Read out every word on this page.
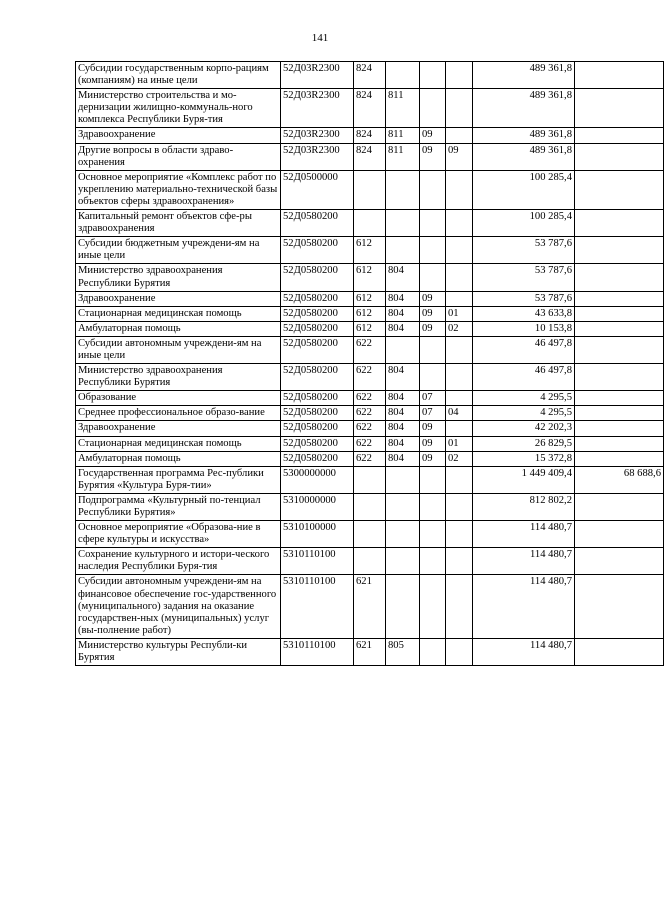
141
Субсидии государственным корпо-рациям (компаниям) на иные цели	52Д03R2300	824				489 361,8	
Министерство строительства и мо-дернизации жилищно-коммуналь-ного комплекса Республики Буря-тия	52Д03R2300	824	811			489 361,8	
Здравоохранение	52Д03R2300	824	811	09		489 361,8	
Другие вопросы в области здраво-охранения	52Д03R2300	824	811	09	09	489 361,8	
Основное мероприятие «Комплекс работ по укреплению материально-технической базы объектов сферы здравоохранения»	52Д0500000					100 285,4	
Капитальный ремонт объектов сфе-ры здравоохранения	52Д0580200					100 285,4	
Субсидии бюджетным учреждени-ям на иные цели	52Д0580200	612				53 787,6	
Министерство здравоохранения Республики Бурятия	52Д0580200	612	804			53 787,6	
Здравоохранение	52Д0580200	612	804	09		53 787,6	
Стационарная медицинская помощь	52Д0580200	612	804	09	01	43 633,8	
Амбулаторная помощь	52Д0580200	612	804	09	02	10 153,8	
Субсидии автономным учреждени-ям на иные цели	52Д0580200	622				46 497,8	
Министерство здравоохранения Республики Бурятия	52Д0580200	622	804			46 497,8	
Образование	52Д0580200	622	804	07		4 295,5	
Среднее профессиональное образо-вание	52Д0580200	622	804	07	04	4 295,5	
Здравоохранение	52Д0580200	622	804	09		42 202,3	
Стационарная медицинская помощь	52Д0580200	622	804	09	01	26 829,5	
Амбулаторная помощь	52Д0580200	622	804	09	02	15 372,8	
Государственная программа Рес-публики Бурятия «Культура Буря-тии»	5300000000					1 449 409,4	68 688,6
Подпрограмма «Культурный по-тенциал Республики Бурятия»	5310000000					812 802,2	
Основное мероприятие «Образова-ние в сфере культуры и искусства»	5310100000					114 480,7	
Сохранение культурного и истори-ческого наследия Республики Буря-тия	5310110100					114 480,7	
Субсидии автономным учреждени-ям на финансовое обеспечение гос-ударственного (муниципального) задания на оказание государствен-ных (муниципальных) услуг (вы-полнение работ)	5310110100	621				114 480,7	
Министерство культуры Республи-ки Бурятия	5310110100	621	805			114 480,7	
